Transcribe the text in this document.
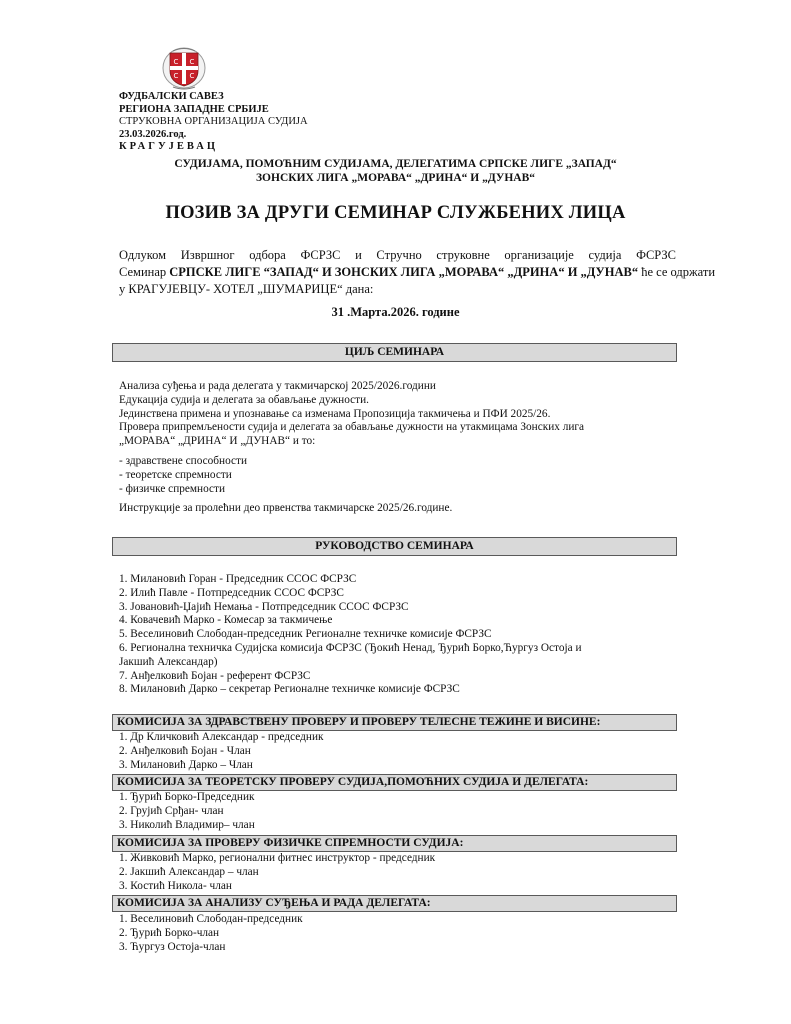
С С
С С
ФУДБАЛСКИ САВЕЗ
РЕГИОНА ЗАПАДНЕ СРБИЈЕ
СТРУКОВНА ОРГАНИЗАЦИЈА СУДИЈА
23.03.2026.год.
КРАГУЈЕВАЦ
СУДИЈАМА, ПОМОЋНИМ СУДИЈАМА, ДЕЛЕГАТИМА СРПСКЕ ЛИГЕ „ЗАПАД“
ЗОНСКИХ ЛИГА „МОРАВА“ „ДРИНА“ И „ДУНАВ“
ПОЗИВ ЗА ДРУГИ СЕМИНАР СЛУЖБЕНИХ ЛИЦА
Одлуком Извршног одбора ФСРЗС и Стручно струковне организације судија ФСРЗС
Семинар СРПСКЕ ЛИГЕ “ЗАПАД“ И ЗОНСКИХ ЛИГА „МОРАВА“ „ДРИНА“ И „ДУНАВ“ ће се одржати
у КРАГУЈЕВЦУ- ХОТЕЛ „ШУМАРИЦЕ“ дана:
31 .Марта.2026. године
ЦИЉ СЕМИНАРА
Анализа суђења и рада делегата у такмичарској 2025/2026.години
Едукација судија и делегата за обављање дужности.
Јединствена примена и упознавање са изменама Пропозиција такмичења и ПФИ 2025/26.
Провера припремљености судија и делегата за обављање дужности на утакмицама Зонских лига
„МОРАВА“ „ДРИНА“ И „ДУНАВ“ и то:
- здравствене способности
- теоретске спремности
- физичке спремности
Инструкције за пролећни део првенства такмичарске 2025/26.године.
РУКОВОДСТВО СЕМИНАРА
1. Милановић Горан - Председник ССОС ФСРЗС
2. Илић Павле - Потпредседник ССОС ФСРЗС
3. Јовановић-Џајић Немања - Потпредседник ССОС ФСРЗС
4. Ковачевић Марко - Комесар за такмичење
5. Веселиновић Слободан-председник Регионалне техничке комисије ФСРЗС
6. Регионална техничка Судијска комисија ФСРЗС (Ђокић Ненад, Ђурић Борко,Ћургуз Остоја и
Јакшић Александар)
7. Анђелковић Бојан - референт ФСРЗС
8. Милановић Дарко – секретар Регионалне техничке комисије ФСРЗС
КОМИСИЈА ЗА ЗДРАВСТВЕНУ ПРОВЕРУ И ПРОВЕРУ ТЕЛЕСНЕ ТЕЖИНЕ И ВИСИНЕ:
1. Др Кличковић Александар - председник
2. Анђелковић Бојан - Члан
3. Милановић Дарко – Члан
КОМИСИЈА ЗА ТЕОРЕТСКУ ПРОВЕРУ СУДИЈА,ПОМОЋНИХ СУДИЈА И ДЕЛЕГАТА:
1. Ђурић Борко-Председник
2. Грујић Срђан- члан
3. Николић Владимир– члан
КОМИСИЈА ЗА ПРОВЕРУ ФИЗИЧКЕ СПРЕМНОСТИ СУДИЈА:
1. Живковић Марко, регионални фитнес инструктор - председник
2. Јакшић Александар – члан
3. Костић Никола- члан
КОМИСИЈА ЗА АНАЛИЗУ СУЂЕЊА И РАДА ДЕЛЕГАТА:
1. Веселиновић Слободан-председник
2. Ђурић Борко-члан
3. Ћургуз Остоја-члан
